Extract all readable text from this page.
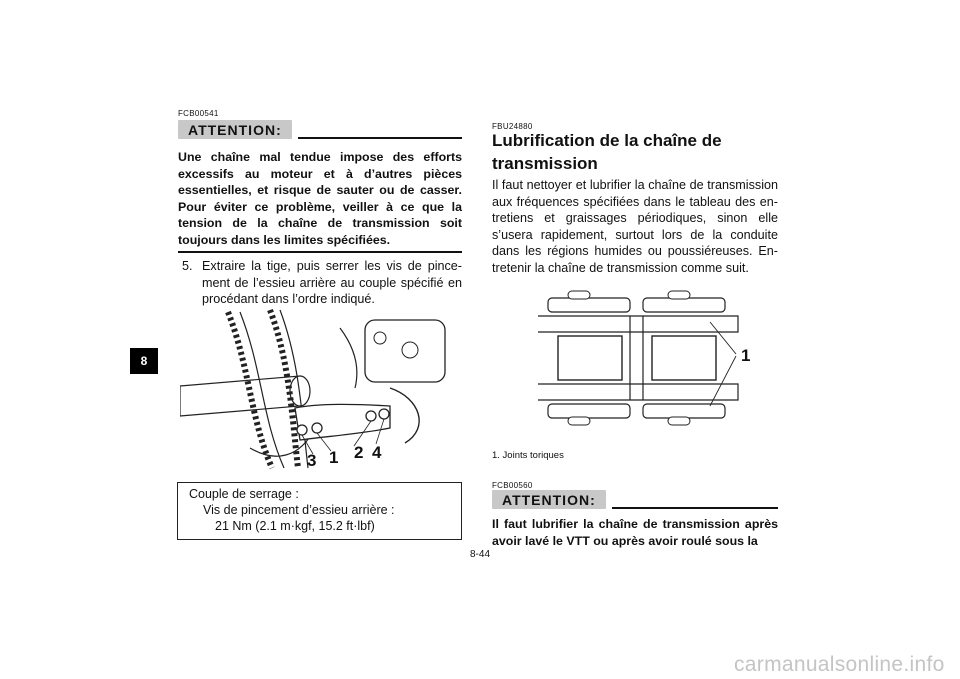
8
FCB00541
ATTENTION:

Une chaîne mal tendue impose des efforts excessifs au moteur et à d’autres pièces essentielles, et risque de sauter ou de casser. Pour éviter ce problème, veiller à ce que la tension de la chaîne de transmission soit toujours dans les limites spécifiées.

5. Extraire la tige, puis serrer les vis de pince-ment de l’essieu arrière au couple spécifié en procédant dans l’ordre indiqué.

3 1 2 4
Couple de serrage :
Vis de pincement d’essieu arrière :
21 Nm (2.1 m·kgf, 15.2 ft·lbf)
FBU24880
Lubrification de la chaîne de transmission

Il faut nettoyer et lubrifier la chaîne de transmission aux fréquences spécifiées dans le tableau des en-tretiens et graissages périodiques, sinon elle s’usera rapidement, surtout lors de la conduite dans les régions humides ou poussiéreuses. En-tretenir la chaîne de transmission comme suit.

1
1. Joints toriques
FCB00560
ATTENTION:

Il faut lubrifier la chaîne de transmission après avoir lavé le VTT ou après avoir roulé sous la

8-44
carmanualsonline.info
